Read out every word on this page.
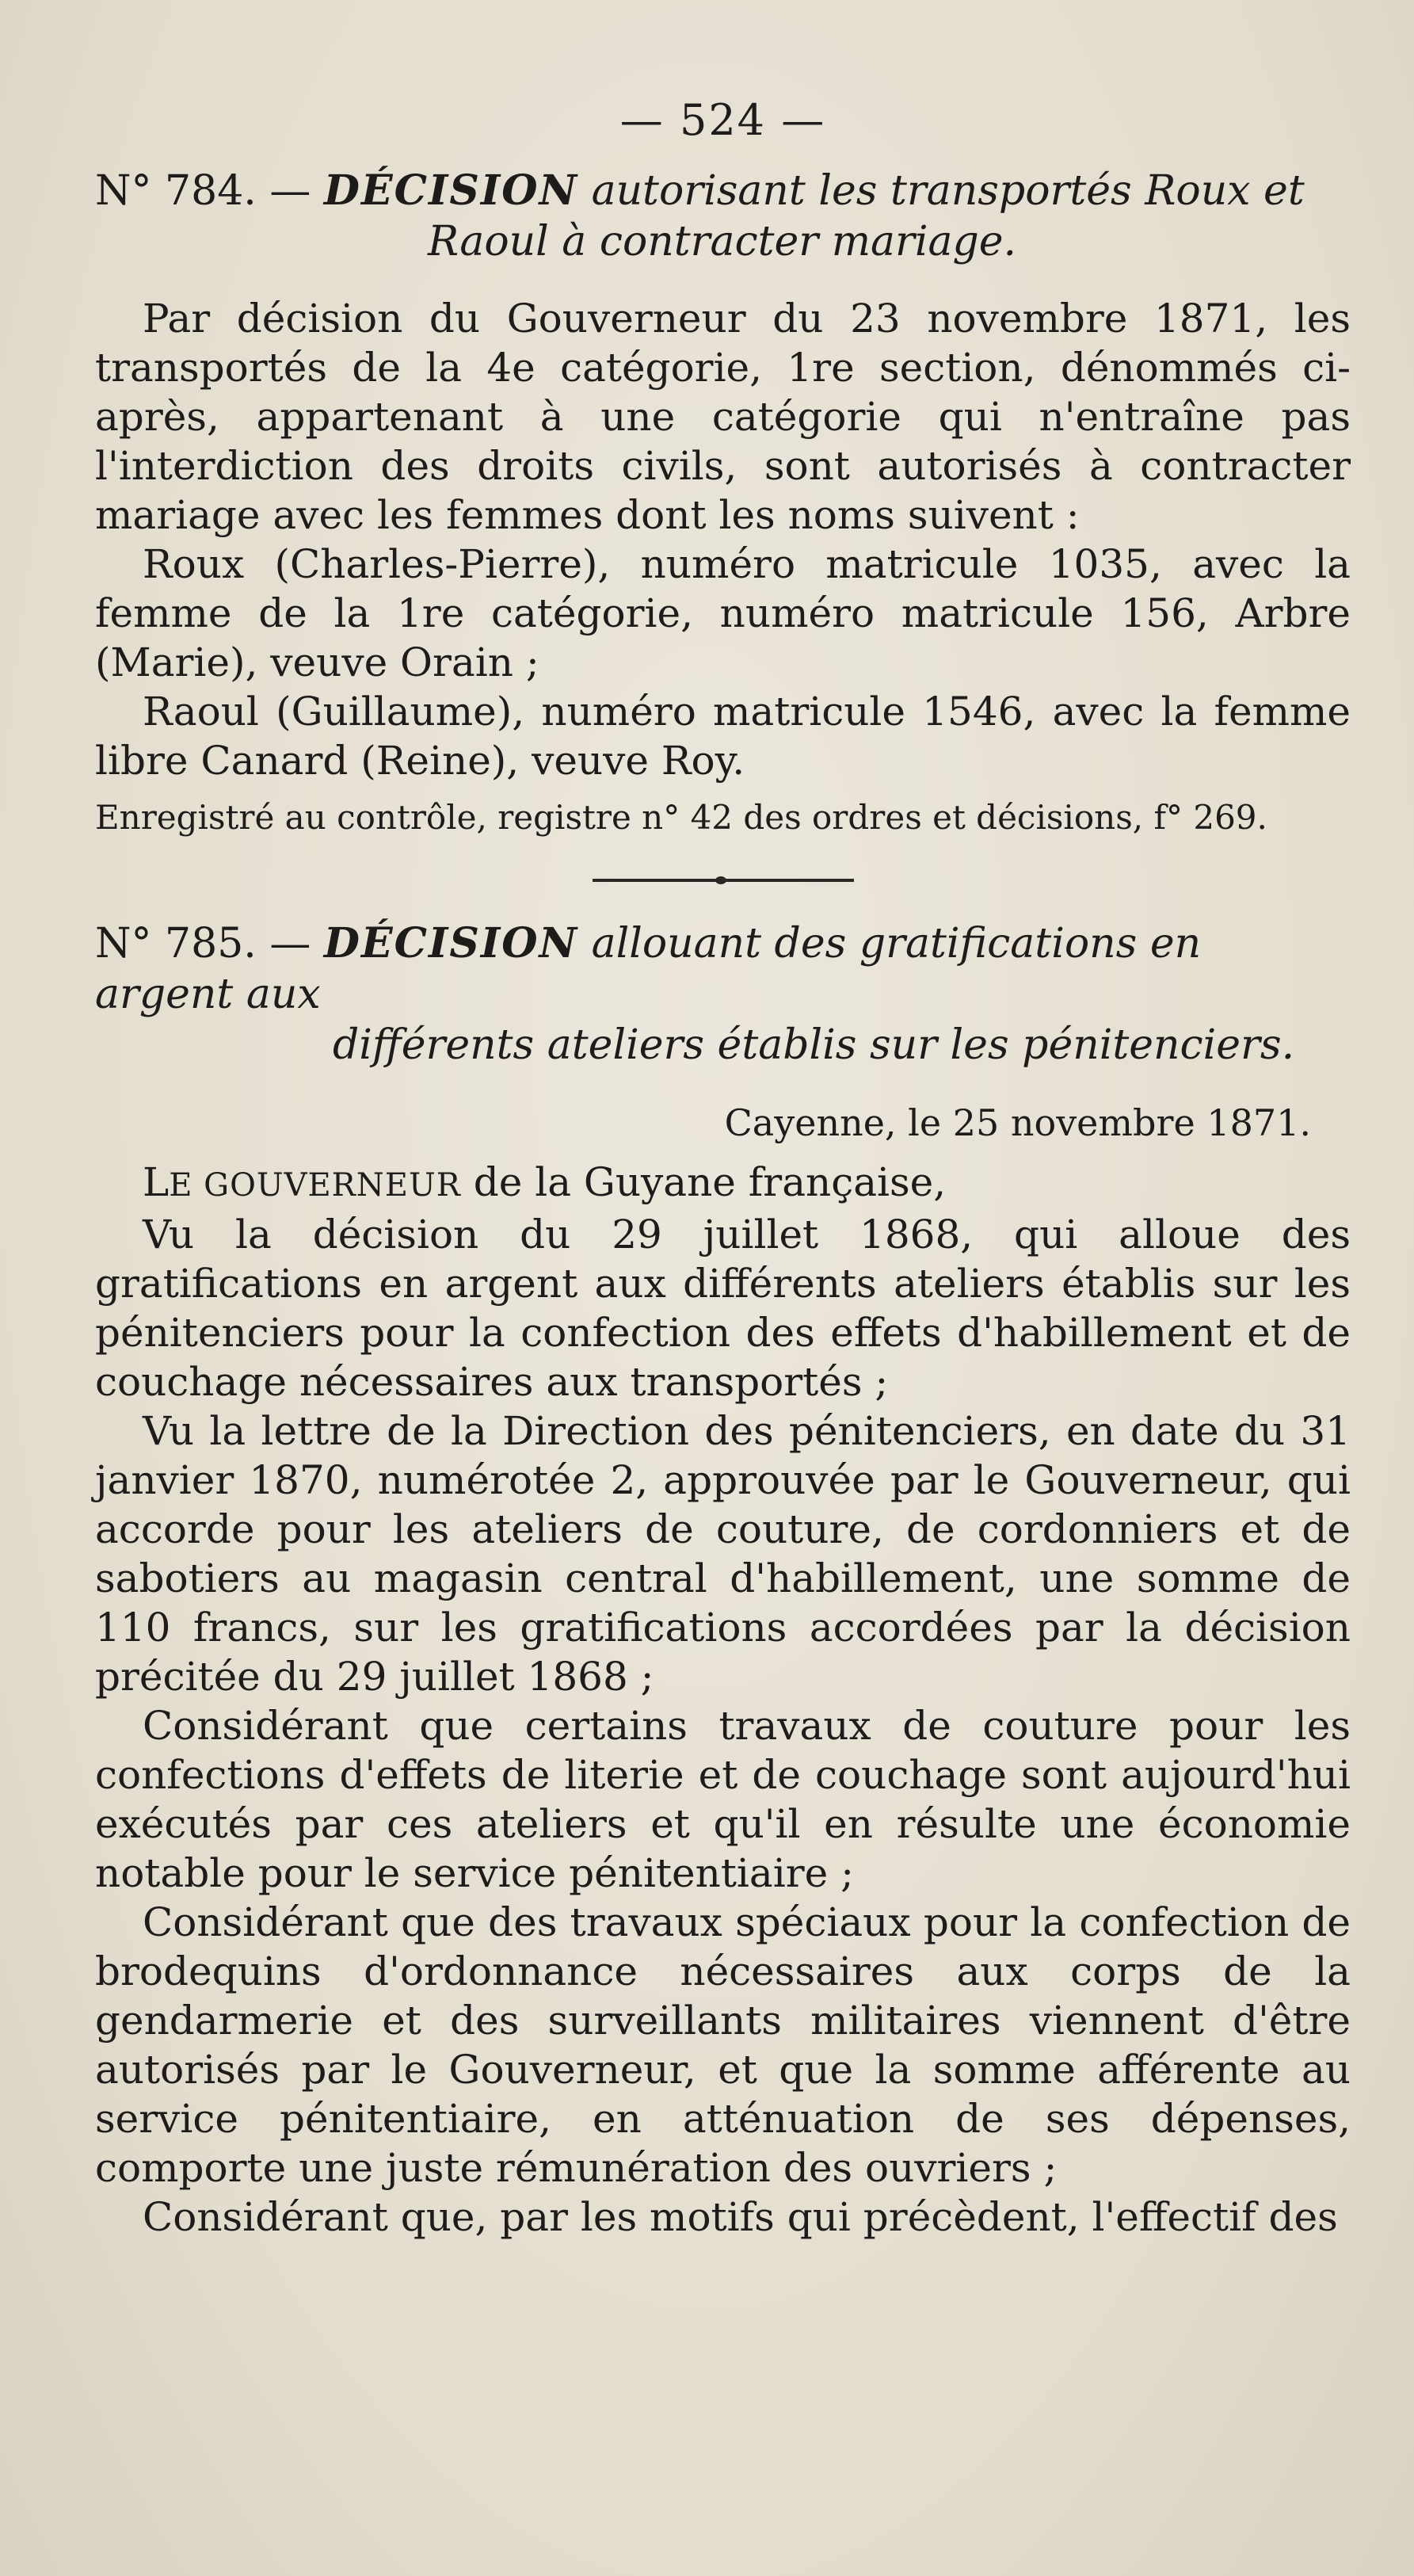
— 524 —

N° 784. — DÉCISION autorisant les transportés Roux et

Raoul à contracter mariage.

Par décision du Gouverneur du 23 novembre 1871, les transportés de la 4e catégorie, 1re section, dénommés ci-après, appartenant à une catégorie qui n'entraîne pas l'interdiction des droits civils, sont autorisés à contracter mariage avec les femmes dont les noms suivent :

Roux (Charles-Pierre), numéro matricule 1035, avec la femme de la 1re catégorie, numéro matricule 156, Arbre (Marie), veuve Orain ;

Raoul (Guillaume), numéro matricule 1546, avec la femme libre Canard (Reine), veuve Roy.

Enregistré au contrôle, registre n° 42 des ordres et décisions, f° 269.

N° 785. — DÉCISION allouant des gratifications en argent aux

différents ateliers établis sur les pénitenciers.

Cayenne, le 25 novembre 1871.

LE GOUVERNEUR de la Guyane française,

Vu la décision du 29 juillet 1868, qui alloue des gratifications en argent aux différents ateliers établis sur les pénitenciers pour la confection des effets d'habillement et de couchage nécessaires aux transportés ;

Vu la lettre de la Direction des pénitenciers, en date du 31 janvier 1870, numérotée 2, approuvée par le Gouverneur, qui accorde pour les ateliers de couture, de cordonniers et de sabotiers au magasin central d'habillement, une somme de 110 francs, sur les gratifications accordées par la décision précitée du 29 juillet 1868 ;

Considérant que certains travaux de couture pour les confections d'effets de literie et de couchage sont aujourd'hui exécutés par ces ateliers et qu'il en résulte une économie notable pour le service pénitentiaire ;

Considérant que des travaux spéciaux pour la confection de brodequins d'ordonnance nécessaires aux corps de la gendarmerie et des surveillants militaires viennent d'être autorisés par le Gouverneur, et que la somme afférente au service pénitentiaire, en atténuation de ses dépenses, comporte une juste rémunération des ouvriers ;

Considérant que, par les motifs qui précèdent, l'effectif des
